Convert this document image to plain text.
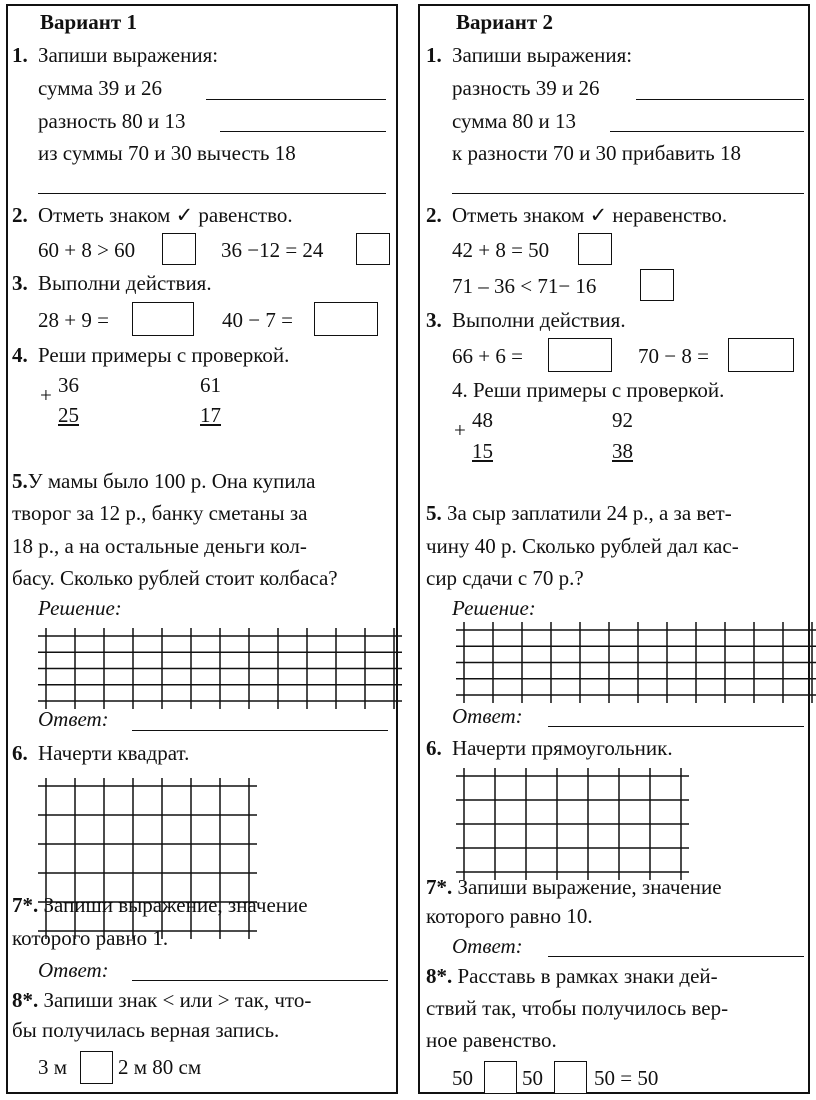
Вариант 1
1. Запиши выражения:
сумма 39 и 26
разность 80 и 13
из суммы 70 и 30 вычесть 18
2. Отметь знаком ✓ равенство.
60 + 8 > 60	36 −12 = 24
3. Выполни действия.
28 + 9 =	40 − 7 =
4. Реши примеры с проверкой.
+ 36
25
61
17
5.У мамы было 100 р. Она купила
творог за 12 р., банку сметаны за
18 р., а на остальные деньги кол-
басу. Сколько рублей стоит колбаса?
Решение:
Ответ:
6. Начерти квадрат.
7*. Запиши выражение, значение
которого равно 1.
Ответ:
8*. Запиши знак < или > так, что-
бы получилась верная запись.
3 м 2 м 80 см
Вариант 2
1. Запиши выражения:
разность 39 и 26
сумма 80 и 13
к разности 70 и 30 прибавить 18
2. Отметь знаком ✓ неравенство.
42 + 8 = 50
71 – 36 < 71− 16
3. Выполни действия.
66 + 6 =	70 − 8 =
4. Реши примеры с проверкой.
+ 48
15
92
38
5. За сыр заплатили 24 р., а за вет-
чину 40 р. Сколько рублей дал кас-
сир сдачи с 70 р.?
Решение:
Ответ:
6. Начерти прямоугольник.
7*. Запиши выражение, значение
которого равно 10.
Ответ:
8*. Расставь в рамках знаки дей-
ствий так, чтобы получилось вер-
ное равенство.
50 50 50 = 50
